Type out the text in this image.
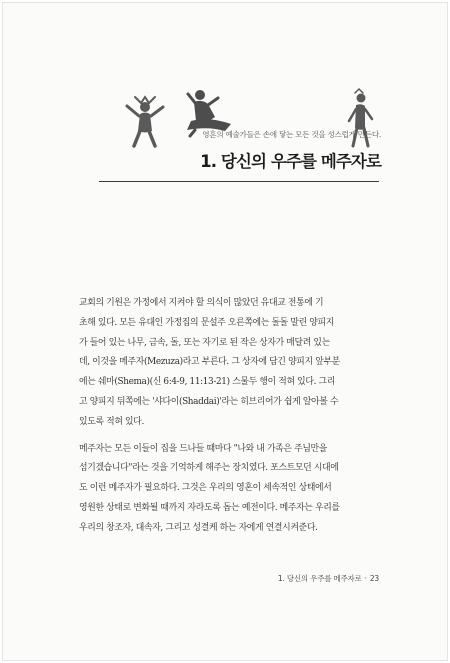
영혼의 예술가들은 손에 닿는 모든 것을 성스럽게 만든다.
1. 당신의 우주를 메주자로

교회의 기원은 가정에서 지켜야 할 의식이 많았던 유대교 전통에 기
초해 있다. 모든 유대인 가정집의 문설주 오른쪽에는 돌돌 말린 양피지
가 들어 있는 나무, 금속, 돌, 또는 자기로 된 작은 상자가 매달려 있는
데, 이것을 메주자(Mezuza)라고 부른다. 그 상자에 담긴 양피지 앞부분
에는 쉐마(Shema)(신 6:4-9, 11:13-21) 스물두 행이 적혀 있다. 그리
고 양피지 뒤쪽에는 '샤다이(Shaddai)'라는 히브리어가 쉽게 알아볼 수
있도록 적혀 있다.

메주자는 모든 이들이 집을 드나들 때마다 "나와 내 가족은 주님만을
섬기겠습니다"라는 것을 기억하게 해주는 장치였다. 포스트모던 시대에
도 이런 메주자가 필요하다. 그것은 우리의 영혼이 세속적인 상태에서
영원한 상태로 변화될 때까지 자라도록 돕는 예전이다. 메주자는 우리를
우리의 창조자, 대속자, 그리고 성결케 하는 자에게 연결시켜준다.

1. 당신의 우주를 메주자로 · 23
